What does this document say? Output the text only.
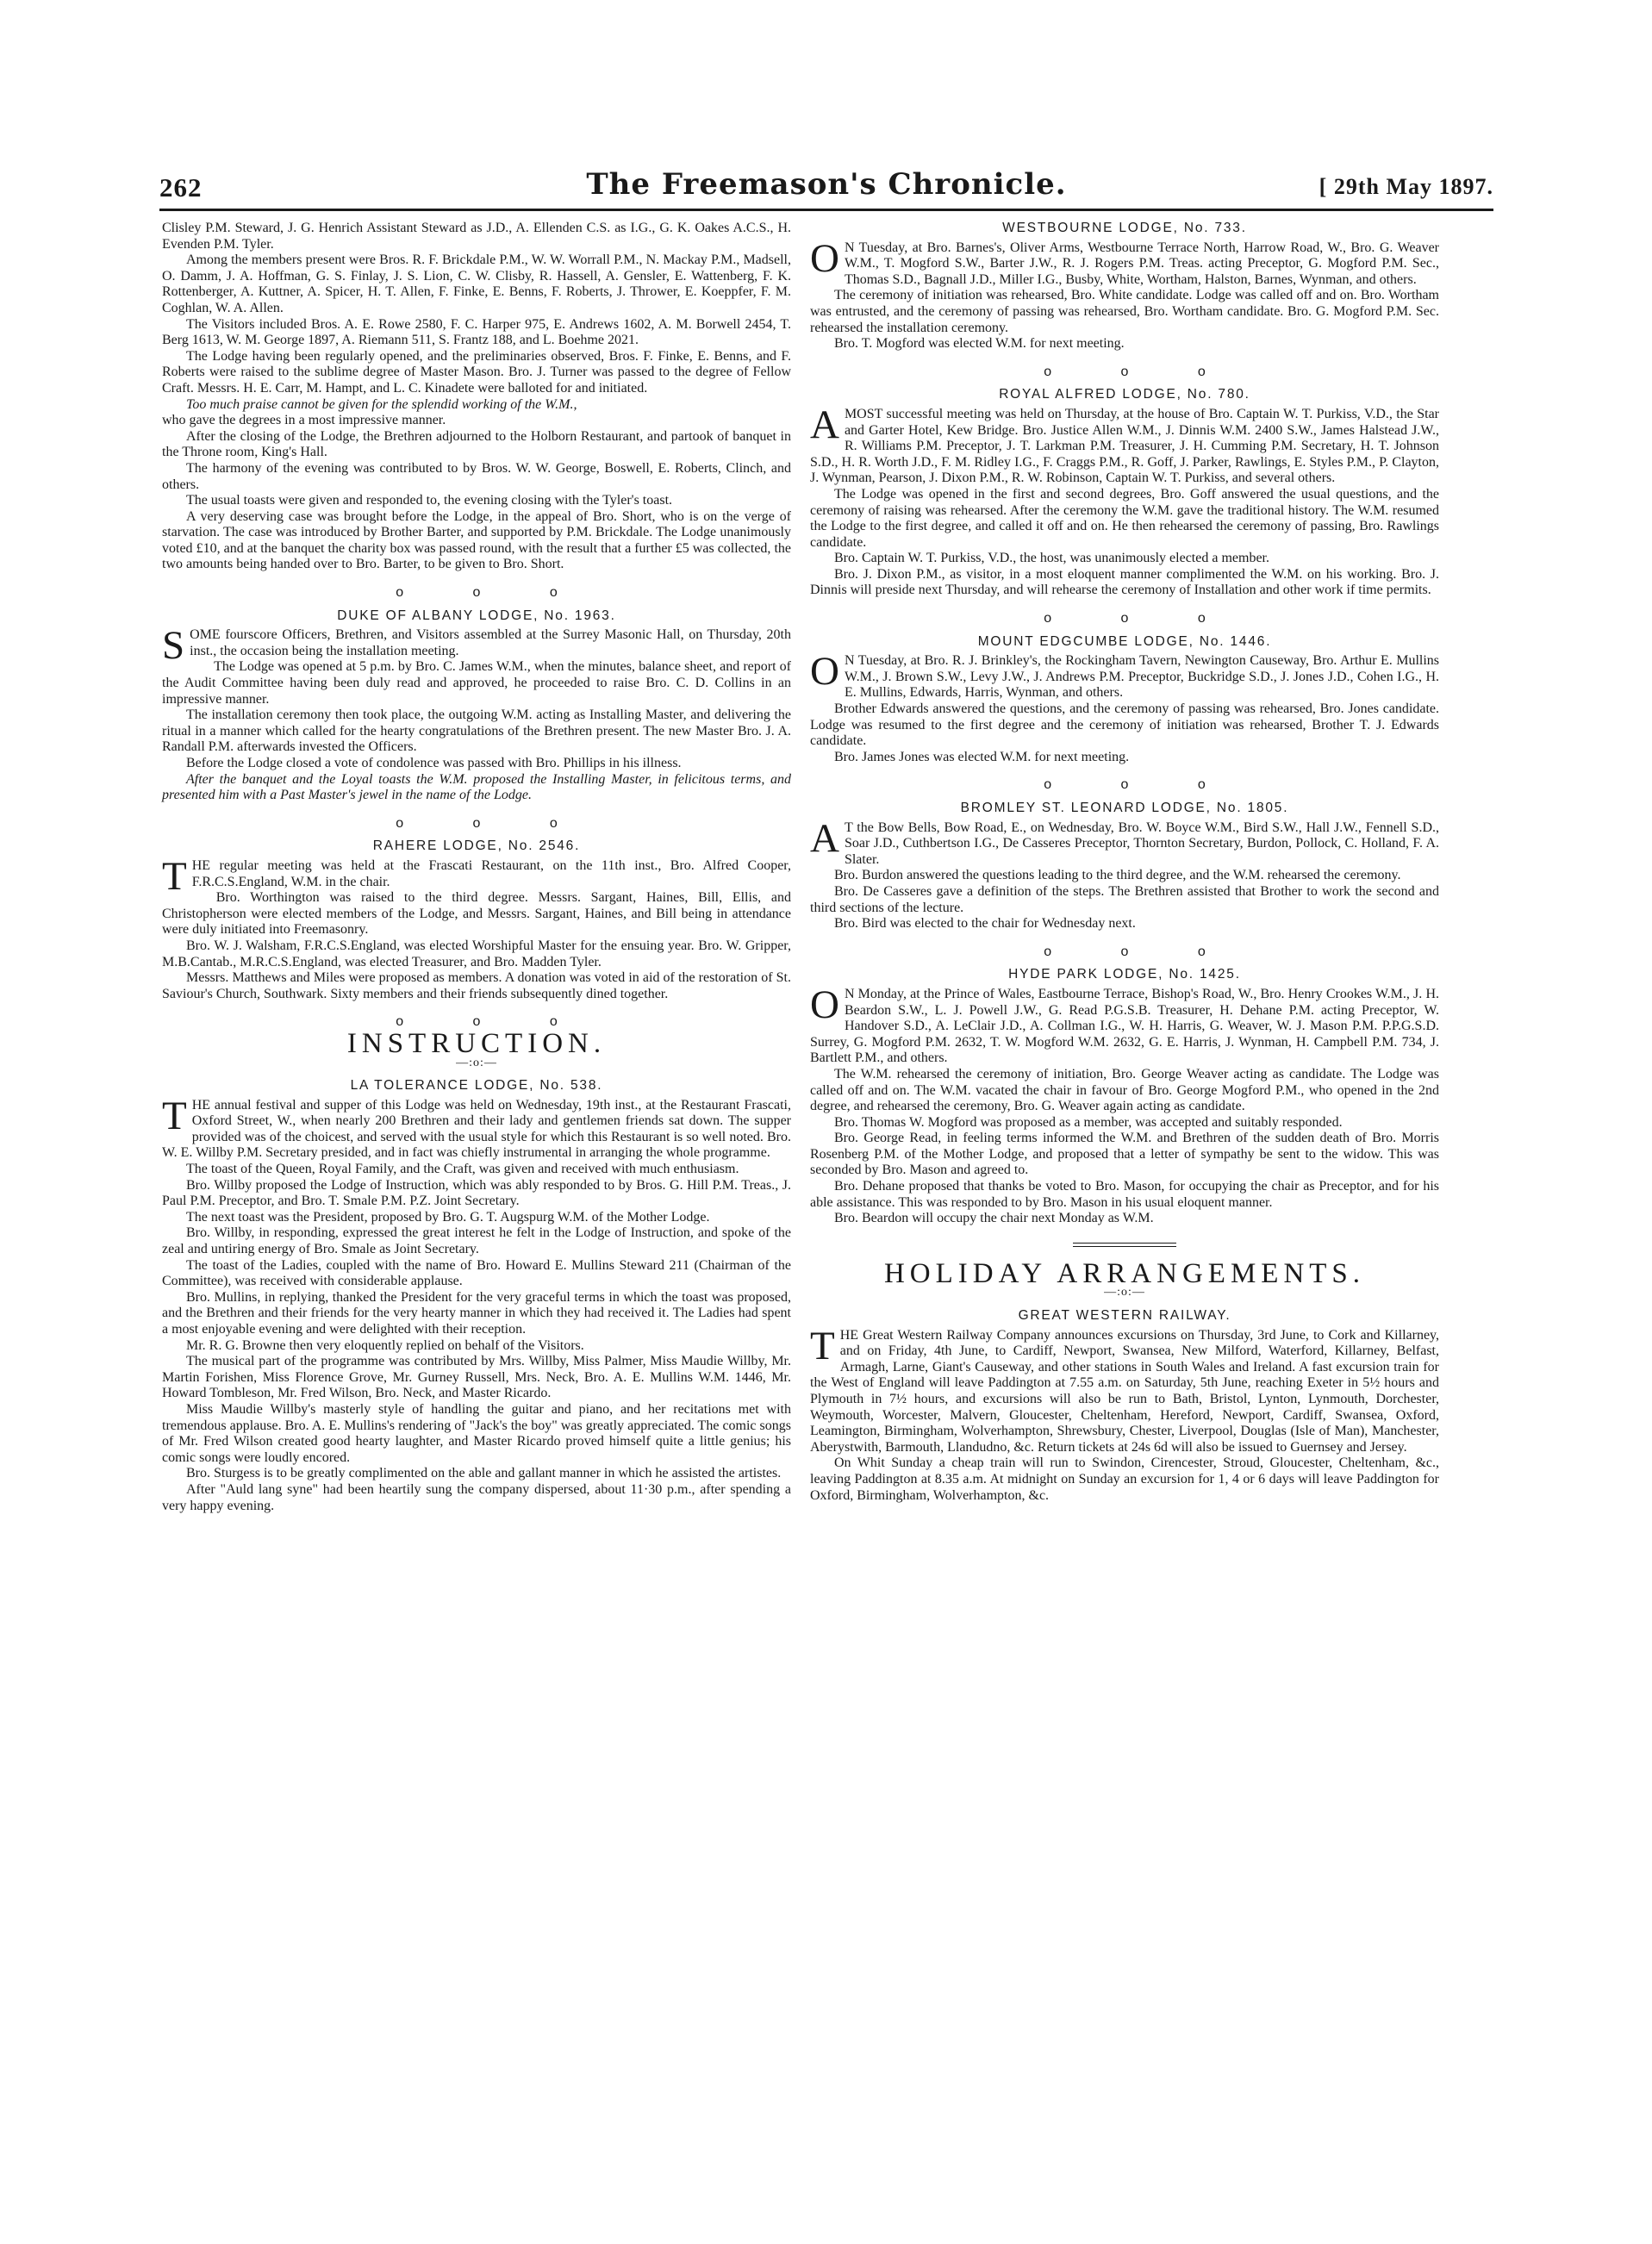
262	The Freemason's Chronicle.	[ 29th May 1897.

Clisley P.M. Steward, J. G. Henrich Assistant Steward as J.D., A. Ellenden C.S. as I.G., G. K. Oakes A.C.S., H. Evenden P.M. Tyler.

Among the members present were Bros. R. F. Brickdale P.M., W. W. Worrall P.M., N. Mackay P.M., Madsell, O. Damm, J. A. Hoffman, G. S. Finlay, J. S. Lion, C. W. Clisby, R. Hassell, A. Gensler, E. Wattenberg, F. K. Rottenberger, A. Kuttner, A. Spicer, H. T. Allen, F. Finke, E. Benns, F. Roberts, J. Thrower, E. Koeppfer, F. M. Coghlan, W. A. Allen.

The Visitors included Bros. A. E. Rowe 2580, F. C. Harper 975, E. Andrews 1602, A. M. Borwell 2454, T. Berg 1613, W. M. George 1897, A. Riemann 511, S. Frantz 188, and L. Boehme 2021.

The Lodge having been regularly opened, and the preliminaries observed, Bros. F. Finke, E. Benns, and F. Roberts were raised to the sublime degree of Master Mason. Bro. J. Turner was passed to the degree of Fellow Craft. Messrs. H. E. Carr, M. Hampt, and L. C. Kinadete were balloted for and initiated.

Too much praise cannot be given for the splendid working of the W.M.,

who gave the degrees in a most impressive manner.

After the closing of the Lodge, the Brethren adjourned to the Holborn Restaurant, and partook of banquet in the Throne room, King's Hall.

The harmony of the evening was contributed to by Bros. W. W. George, Boswell, E. Roberts, Clinch, and others.

The usual toasts were given and responded to, the evening closing with the Tyler's toast.

A very deserving case was brought before the Lodge, in the appeal of Bro. Short, who is on the verge of starvation. The case was introduced by Brother Barter, and supported by P.M. Brickdale. The Lodge unanimously voted £10, and at the banquet the charity box was passed round, with the result that a further £5 was collected, the two amounts being handed over to Bro. Barter, to be given to Bro. Short.

o o o
DUKE OF ALBANY LODGE, No. 1963.

SOME fourscore Officers, Brethren, and Visitors assembled at the Surrey Masonic Hall, on Thursday, 20th inst., the occasion being the installation meeting.

The Lodge was opened at 5 p.m. by Bro. C. James W.M., when the minutes, balance sheet, and report of the Audit Committee having been duly read and approved, he proceeded to raise Bro. C. D. Collins in an impressive manner.

The installation ceremony then took place, the outgoing W.M. acting as Installing Master, and delivering the ritual in a manner which called for the hearty congratulations of the Brethren present. The new Master Bro. J. A. Randall P.M. afterwards invested the Officers.

Before the Lodge closed a vote of condolence was passed with Bro. Phillips in his illness.

After the banquet and the Loyal toasts the W.M. proposed the Installing Master, in felicitous terms, and presented him with a Past Master's jewel in the name of the Lodge.

o o o
RAHERE LODGE, No. 2546.

THE regular meeting was held at the Frascati Restaurant, on the 11th inst., Bro. Alfred Cooper, F.R.C.S.England, W.M. in the chair.

Bro. Worthington was raised to the third degree. Messrs. Sargant, Haines, Bill, Ellis, and Christopherson were elected members of the Lodge, and Messrs. Sargant, Haines, and Bill being in attendance were duly initiated into Freemasonry.

Bro. W. J. Walsham, F.R.C.S.England, was elected Worshipful Master for the ensuing year. Bro. W. Gripper, M.B.Cantab., M.R.C.S.England, was elected Treasurer, and Bro. Madden Tyler.

Messrs. Matthews and Miles were proposed as members. A donation was voted in aid of the restoration of St. Saviour's Church, Southwark. Sixty members and their friends subsequently dined together.

o o o
INSTRUCTION.
—:o:—
LA TOLERANCE LODGE, No. 538.

THE annual festival and supper of this Lodge was held on Wednesday, 19th inst., at the Restaurant Frascati, Oxford Street, W., when nearly 200 Brethren and their lady and gentlemen friends sat down. The supper provided was of the choicest, and served with the usual style for which this Restaurant is so well noted. Bro. W. E. Willby P.M. Secretary presided, and in fact was chiefly instrumental in arranging the whole programme.

The toast of the Queen, Royal Family, and the Craft, was given and received with much enthusiasm.

Bro. Willby proposed the Lodge of Instruction, which was ably responded to by Bros. G. Hill P.M. Treas., J. Paul P.M. Preceptor, and Bro. T. Smale P.M. P.Z. Joint Secretary.

The next toast was the President, proposed by Bro. G. T. Augspurg W.M. of the Mother Lodge.

Bro. Willby, in responding, expressed the great interest he felt in the Lodge of Instruction, and spoke of the zeal and untiring energy of Bro. Smale as Joint Secretary.

The toast of the Ladies, coupled with the name of Bro. Howard E. Mullins Steward 211 (Chairman of the Committee), was received with considerable applause.

Bro. Mullins, in replying, thanked the President for the very graceful terms in which the toast was proposed, and the Brethren and their friends for the very hearty manner in which they had received it. The Ladies had spent a most enjoyable evening and were delighted with their reception.

Mr. R. G. Browne then very eloquently replied on behalf of the Visitors.

The musical part of the programme was contributed by Mrs. Willby, Miss Palmer, Miss Maudie Willby, Mr. Martin Forishen, Miss Florence Grove, Mr. Gurney Russell, Mrs. Neck, Bro. A. E. Mullins W.M. 1446, Mr. Howard Tombleson, Mr. Fred Wilson, Bro. Neck, and Master Ricardo.

Miss Maudie Willby's masterly style of handling the guitar and piano, and her recitations met with tremendous applause. Bro. A. E. Mullins's rendering of "Jack's the boy" was greatly appreciated. The comic songs of Mr. Fred Wilson created good hearty laughter, and Master Ricardo proved himself quite a little genius; his comic songs were loudly encored.

Bro. Sturgess is to be greatly complimented on the able and gallant manner in which he assisted the artistes.

After "Auld lang syne" had been heartily sung the company dispersed, about 11·30 p.m., after spending a very happy evening.

WESTBOURNE LODGE, No. 733.

O N Tuesday, at Bro. Barnes's, Oliver Arms, Westbourne Terrace North, Harrow Road, W., Bro. G. Weaver W.M., T. Mogford S.W., Barter J.W., R. J. Rogers P.M. Treas. acting Preceptor, G. Mogford P.M. Sec., Thomas S.D., Bagnall J.D., Miller I.G., Busby, White, Wortham, Halston, Barnes, Wynman, and others.

The ceremony of initiation was rehearsed, Bro. White candidate. Lodge was called off and on. Bro. Wortham was entrusted, and the ceremony of passing was rehearsed, Bro. Wortham candidate. Bro. G. Mogford P.M. Sec. rehearsed the installation ceremony.

Bro. T. Mogford was elected W.M. for next meeting.

o o o
ROYAL ALFRED LODGE, No. 780.

A MOST successful meeting was held on Thursday, at the house of Bro. Captain W. T. Purkiss, V.D., the Star and Garter Hotel, Kew Bridge. Bro. Justice Allen W.M., J. Dinnis W.M. 2400 S.W., James Halstead J.W., R. Williams P.M. Preceptor, J. T. Larkman P.M. Treasurer, J. H. Cumming P.M. Secretary, H. T. Johnson S.D., H. R. Worth J.D., F. M. Ridley I.G., F. Craggs P.M., R. Goff, J. Parker, Rawlings, E. Styles P.M., P. Clayton, J. Wynman, Pearson, J. Dixon P.M., R. W. Robinson, Captain W. T. Purkiss, and several others.

The Lodge was opened in the first and second degrees, Bro. Goff answered the usual questions, and the ceremony of raising was rehearsed. After the ceremony the W.M. gave the traditional history. The W.M. resumed the Lodge to the first degree, and called it off and on. He then rehearsed the ceremony of passing, Bro. Rawlings candidate.

Bro. Captain W. T. Purkiss, V.D., the host, was unanimously elected a member.

Bro. J. Dixon P.M., as visitor, in a most eloquent manner complimented the W.M. on his working. Bro. J. Dinnis will preside next Thursday, and will rehearse the ceremony of Installation and other work if time permits.

o o o
MOUNT EDGCUMBE LODGE, No. 1446.

O N Tuesday, at Bro. R. J. Brinkley's, the Rockingham Tavern, Newington Causeway, Bro. Arthur E. Mullins W.M., J. Brown S.W., Levy J.W., J. Andrews P.M. Preceptor, Buckridge S.D., J. Jones J.D., Cohen I.G., H. E. Mullins, Edwards, Harris, Wynman, and others.

Brother Edwards answered the questions, and the ceremony of passing was rehearsed, Bro. Jones candidate. Lodge was resumed to the first degree and the ceremony of initiation was rehearsed, Brother T. J. Edwards candidate.

Bro. James Jones was elected W.M. for next meeting.

o o o
BROMLEY ST. LEONARD LODGE, No. 1805.

A T the Bow Bells, Bow Road, E., on Wednesday, Bro. W. Boyce W.M., Bird S.W., Hall J.W., Fennell S.D., Soar J.D., Cuthbertson I.G., De Casseres Preceptor, Thornton Secretary, Burdon, Pollock, C. Holland, F. A. Slater.

Bro. Burdon answered the questions leading to the third degree, and the W.M. rehearsed the ceremony.

Bro. De Casseres gave a definition of the steps. The Brethren assisted that Brother to work the second and third sections of the lecture.

Bro. Bird was elected to the chair for Wednesday next.

o o o
HYDE PARK LODGE, No. 1425.

O N Monday, at the Prince of Wales, Eastbourne Terrace, Bishop's Road, W., Bro. Henry Crookes W.M., J. H. Beardon S.W., L. J. Powell J.W., G. Read P.G.S.B. Treasurer, H. Dehane P.M. acting Preceptor, W. Handover S.D., A. LeClair J.D., A. Collman I.G., W. H. Harris, G. Weaver, W. J. Mason P.M. P.P.G.S.D. Surrey, G. Mogford P.M. 2632, T. W. Mogford W.M. 2632, G. E. Harris, J. Wynman, H. Campbell P.M. 734, J. Bartlett P.M., and others.

The W.M. rehearsed the ceremony of initiation, Bro. George Weaver acting as candidate. The Lodge was called off and on. The W.M. vacated the chair in favour of Bro. George Mogford P.M., who opened in the 2nd degree, and rehearsed the ceremony, Bro. G. Weaver again acting as candidate.

Bro. Thomas W. Mogford was proposed as a member, was accepted and suitably responded.

Bro. George Read, in feeling terms informed the W.M. and Brethren of the sudden death of Bro. Morris Rosenberg P.M. of the Mother Lodge, and proposed that a letter of sympathy be sent to the widow. This was seconded by Bro. Mason and agreed to.

Bro. Dehane proposed that thanks be voted to Bro. Mason, for occupying the chair as Preceptor, and for his able assistance. This was responded to by Bro. Mason in his usual eloquent manner.

Bro. Beardon will occupy the chair next Monday as W.M.

HOLIDAY ARRANGEMENTS.
—:o:—
GREAT WESTERN RAILWAY.

THE Great Western Railway Company announces excursions on Thursday, 3rd June, to Cork and Killarney, and on Friday, 4th June, to Cardiff, Newport, Swansea, New Milford, Waterford, Killarney, Belfast, Armagh, Larne, Giant's Causeway, and other stations in South Wales and Ireland. A fast excursion train for the West of England will leave Paddington at 7.55 a.m. on Saturday, 5th June, reaching Exeter in 5½ hours and Plymouth in 7½ hours, and excursions will also be run to Bath, Bristol, Lynton, Lynmouth, Dorchester, Weymouth, Worcester, Malvern, Gloucester, Cheltenham, Hereford, Newport, Cardiff, Swansea, Oxford, Leamington, Birmingham, Wolverhampton, Shrewsbury, Chester, Liverpool, Douglas (Isle of Man), Manchester, Aberystwith, Barmouth, Llandudno, &c. Return tickets at 24s 6d will also be issued to Guernsey and Jersey.

On Whit Sunday a cheap train will run to Swindon, Cirencester, Stroud, Gloucester, Cheltenham, &c., leaving Paddington at 8.35 a.m. At midnight on Sunday an excursion for 1, 4 or 6 days will leave Paddington for Oxford, Birmingham, Wolverhampton, &c.
